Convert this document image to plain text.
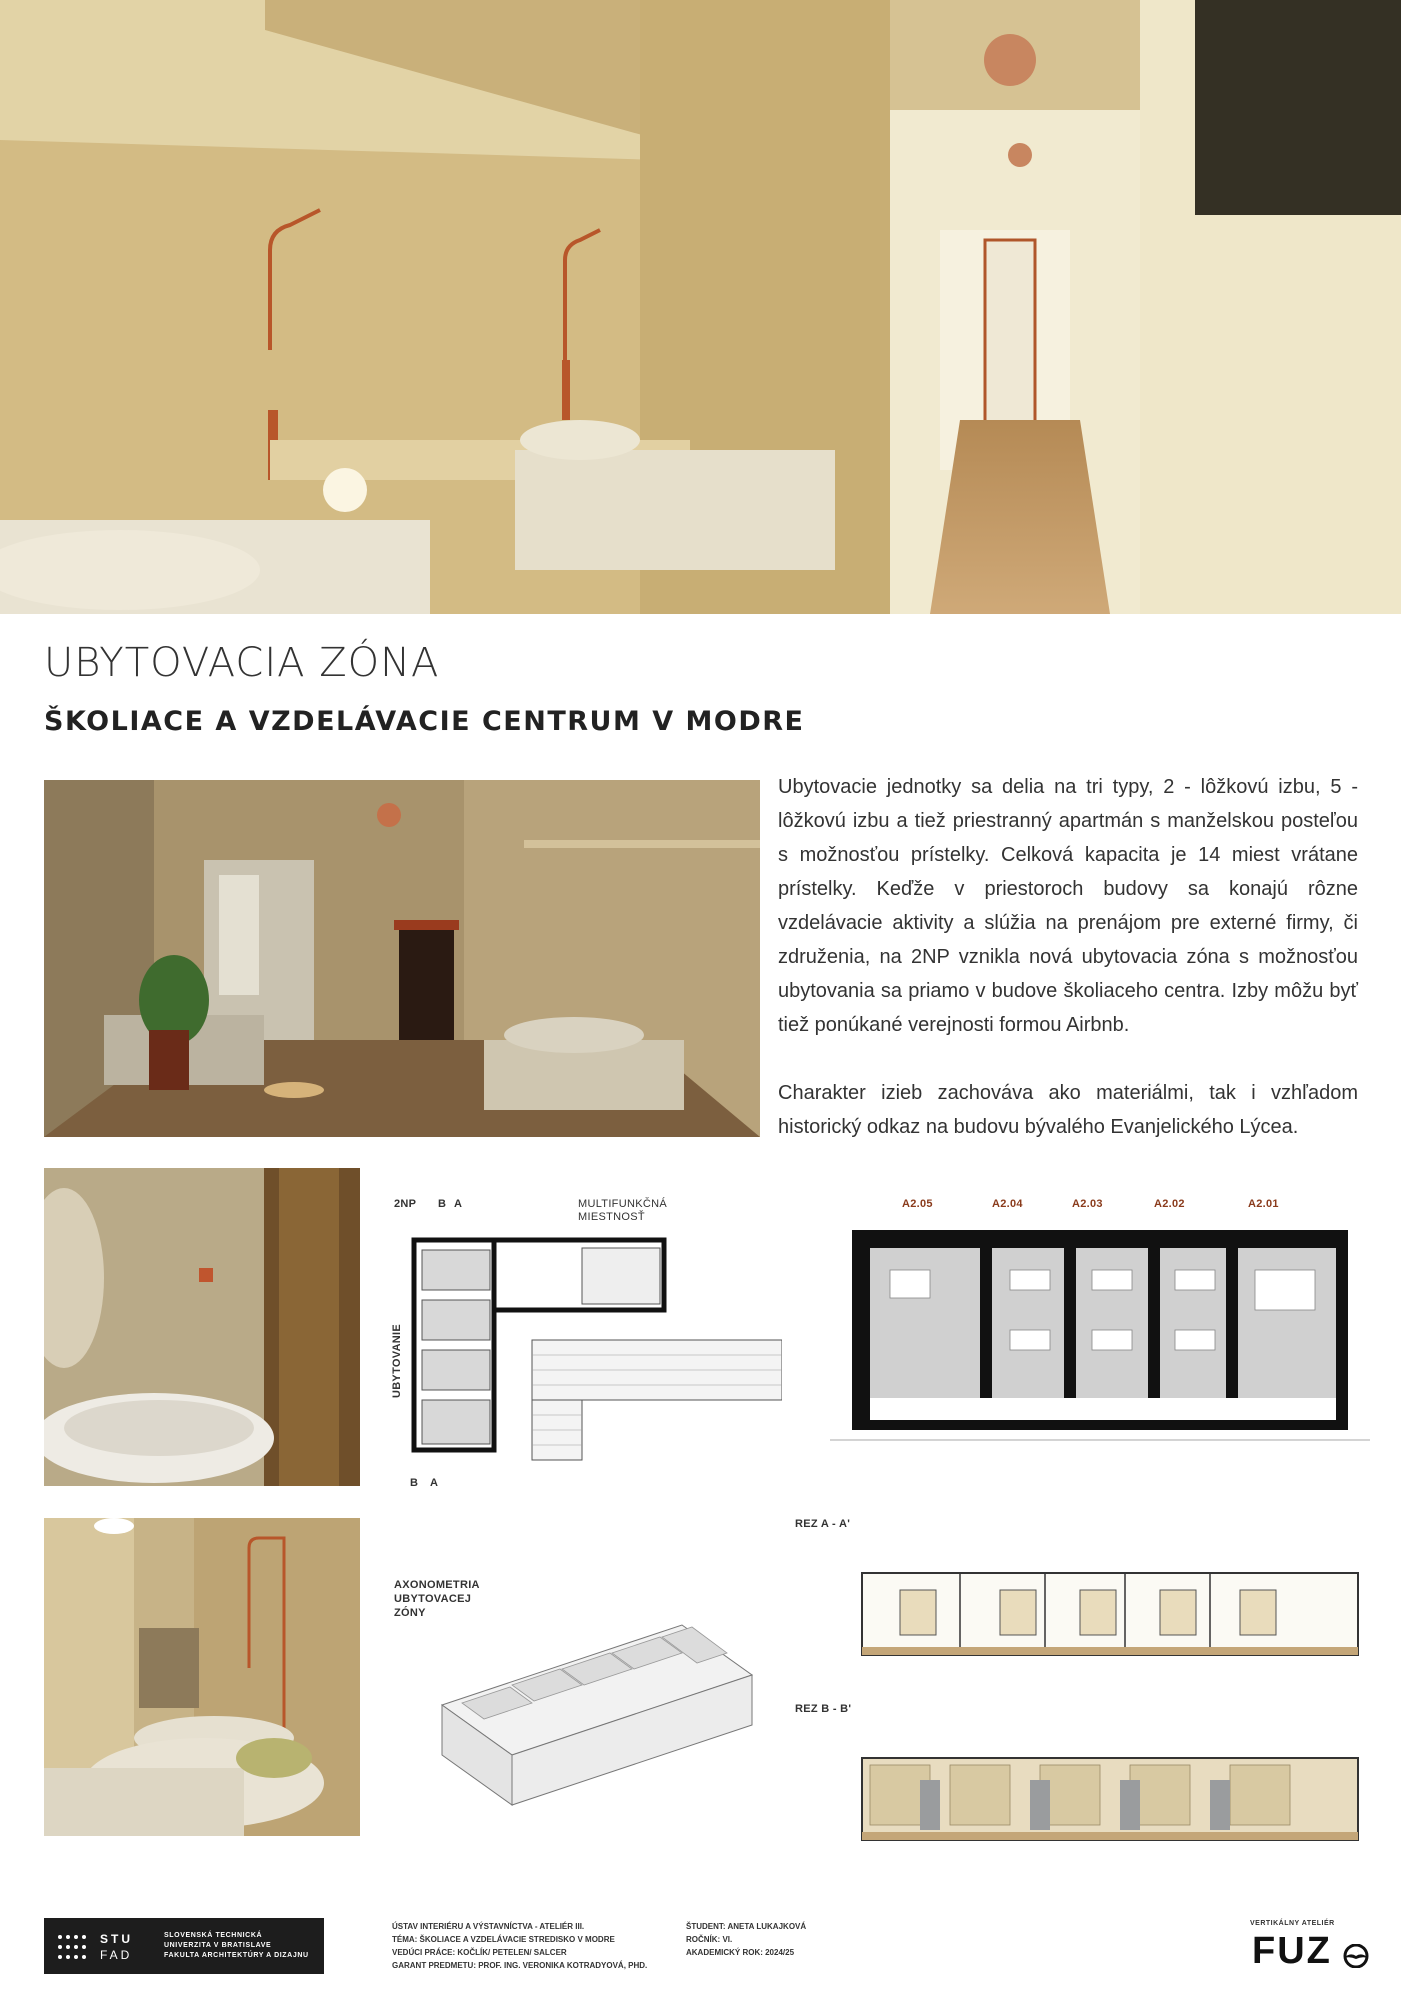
UBYTOVACIA ZÓNA
ŠKOLIACE A VZDELÁVACIE CENTRUM V MODRE

Ubytovacie jednotky sa delia na tri typy, 2 - lôžkovú izbu, 5 - lôžkovú izbu a tiež priestranný apartmán s manželskou posteľou s možnosťou prístelky. Celková kapacita je 14 miest vrátane prístelky. Keďže v priestoroch budovy sa konajú rôzne vzdelávacie aktivity a slúžia na prenájom pre externé firmy, či združenia, na 2NP vznikla nová ubytovacia zóna s možnosťou ubytovania sa priamo v budove školiaceho centra. Izby môžu byť tiež ponúkané verejnosti formou Airbnb.

Charakter izieb zachováva ako materiálmi, tak i vzhľadom historický odkaz na budovu bývalého Evanjelického Lýcea.

2NP B A	MULTIFUNKČNÁ
MIESTNOSŤ
UBYTOVANIE
B A
A2.05	A2.04	A2.03	A2.02	A2.01
AXONOMETRIA
UBYTOVACEJ
ZÓNY
REZ A - A'
REZ B - B'
STU
FAD
SLOVENSKÁ TECHNICKÁ
UNIVERZITA V BRATISLAVE
FAKULTA ARCHITEKTÚRY A DIZAJNU
ÚSTAV INTERIÉRU A VÝSTAVNÍCTVA - ATELIÉR III.
TÉMA: ŠKOLIACE A VZDELÁVACIE STREDISKO V MODRE
VEDÚCI PRÁCE: KOČLÍK/ PETELEN/ SALCER
GARANT PREDMETU: PROF. ING. VERONIKA KOTRADYOVÁ, PHD.
ŠTUDENT: ANETA LUKAJKOVÁ
ROČNÍK: VI.
AKADEMICKÝ ROK: 2024/25
VERTIKÁLNY ATELIÉR
FUZ
